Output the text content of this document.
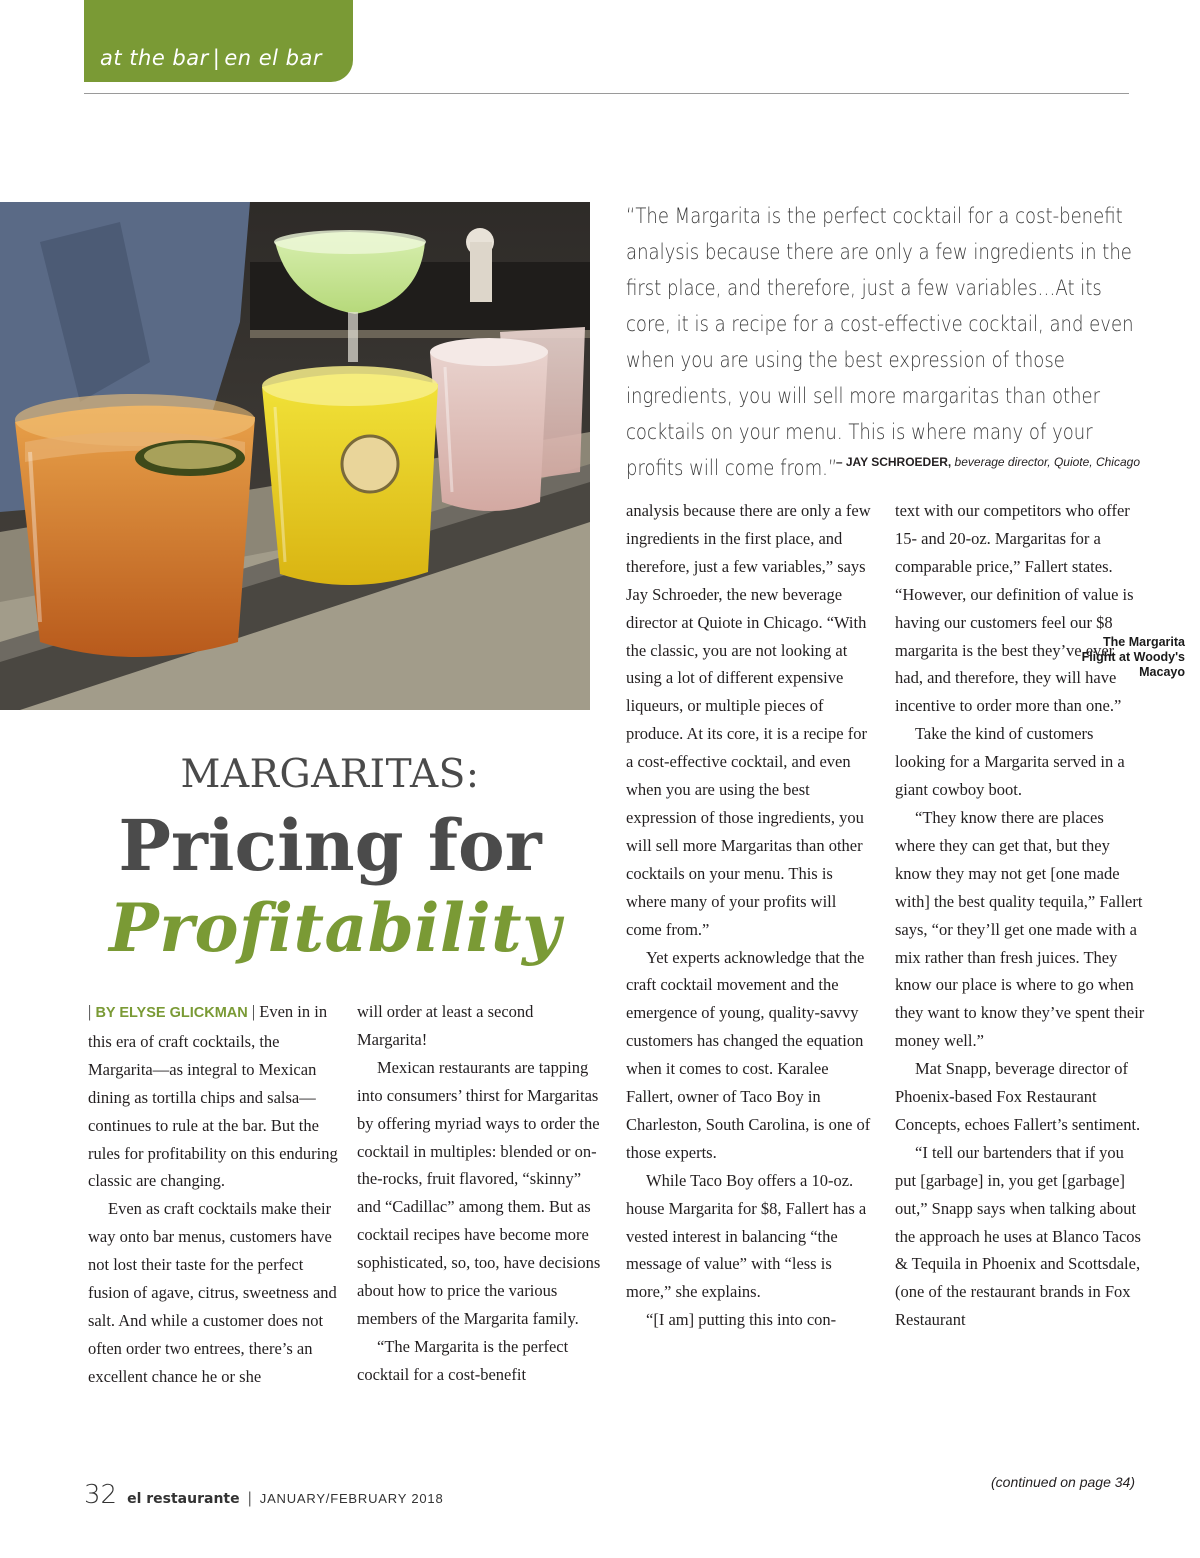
at the bar | en el bar
The Margarita Flight at Woody's Macayo
“The Margarita is the perfect cocktail for a cost-benefit analysis because there are only a few ingredients in the first place, and therefore, just a few variables…At its core, it is a recipe for a cost-effective cocktail, and even when you are using the best expression of those ingredients, you will sell more margaritas than other cocktails on your menu. This is where many of your profits will come from.”
– JAY SCHROEDER, beverage director, Quiote, Chicago
MARGARITAS:
Pricing for
Profitability

| BY ELYSE GLICKMAN | Even in in this era of craft cocktails, the Margarita—as integral to Mexican dining as tortilla chips and salsa—continues to rule at the bar. But the rules for profitability on this enduring classic are changing.

Even as craft cocktails make their way onto bar menus, customers have not lost their taste for the perfect fusion of agave, citrus, sweetness and salt. And while a customer does not often order two entrees, there’s an excellent chance he or she

will order at least a second Margarita!

Mexican restaurants are tapping into consumers’ thirst for Margaritas by offering myriad ways to order the cocktail in multiples: blended or on-the-rocks, fruit flavored, “skinny” and “Cadillac” among them. But as cocktail recipes have become more sophisticated, so, too, have decisions about how to price the various members of the Margarita family.

“The Margarita is the perfect cocktail for a cost-benefit

analysis because there are only a few ingredients in the first place, and therefore, just a few variables,” says Jay Schroeder, the new beverage director at Quiote in Chicago. “With the classic, you are not looking at using a lot of different expensive liqueurs, or multiple pieces of produce. At its core, it is a recipe for a cost-effective cocktail, and even when you are using the best expression of those ingredients, you will sell more Margaritas than other cocktails on your menu. This is where many of your profits will come from.”

Yet experts acknowledge that the craft cocktail movement and the emergence of young, quality-savvy customers has changed the equation when it comes to cost. Karalee Fallert, owner of Taco Boy in Charleston, South Carolina, is one of those experts.

While Taco Boy offers a 10-oz. house Margarita for $8, Fallert has a vested interest in balancing “the message of value” with “less is more,” she explains.

“[I am] putting this into con-

text with our competitors who offer 15- and 20-oz. Margaritas for a comparable price,” Fallert states. “However, our definition of value is having our customers feel our $8 margarita is the best they’ve ever had, and therefore, they will have incentive to order more than one.”

Take the kind of customers looking for a Margarita served in a giant cowboy boot.

“They know there are places where they can get that, but they know they may not get [one made with] the best quality tequila,” Fallert says, “or they’ll get one made with a mix rather than fresh juices. They know our place is where to go when they want to know they’ve spent their money well.”

Mat Snapp, beverage director of Phoenix-based Fox Restaurant Concepts, echoes Fallert’s sentiment.

“I tell our bartenders that if you put [garbage] in, you get [garbage] out,” Snapp says when talking about the approach he uses at Blanco Tacos & Tequila in Phoenix and Scottsdale, (one of the restaurant brands in Fox Restaurant

(continued on page 34)
32 el restaurante | JANUARY/FEBRUARY 2018
